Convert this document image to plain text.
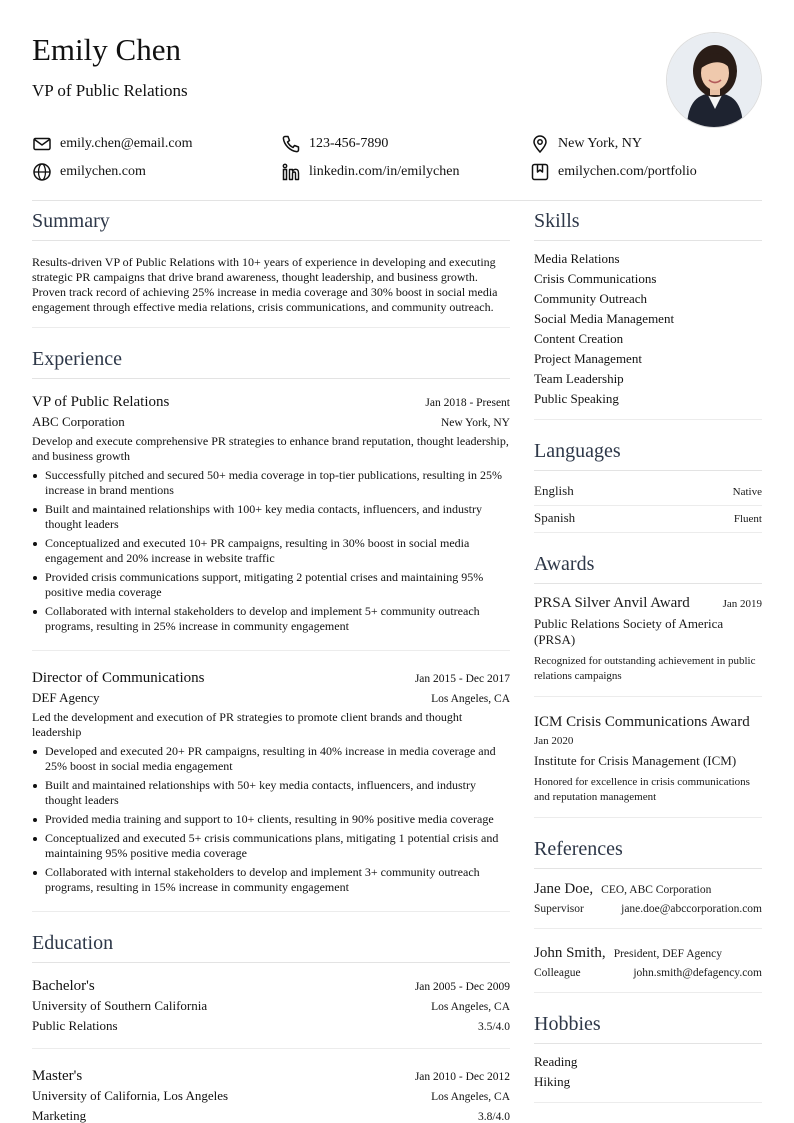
Emily Chen
VP of Public Relations
emily.chen@email.com	123-456-7890	New York, NY
emilychen.com	linkedin.com/in/emilychen	emilychen.com/portfolio
Summary
Results-driven VP of Public Relations with 10+ years of experience in developing and executing strategic PR campaigns that drive brand awareness, thought leadership, and business growth. Proven track record of achieving 25% increase in media coverage and 30% boost in social media engagement through effective media relations, crisis communications, and community outreach.
Experience
VP of Public Relations	Jan 2018 - Present
ABC Corporation	New York, NY
Develop and execute comprehensive PR strategies to enhance brand reputation, thought leadership, and business growth
Successfully pitched and secured 50+ media coverage in top-tier publications, resulting in 25% increase in brand mentions
Built and maintained relationships with 100+ key media contacts, influencers, and industry thought leaders
Conceptualized and executed 10+ PR campaigns, resulting in 30% boost in social media engagement and 20% increase in website traffic
Provided crisis communications support, mitigating 2 potential crises and maintaining 95% positive media coverage
Collaborated with internal stakeholders to develop and implement 5+ community outreach programs, resulting in 25% increase in community engagement
Director of Communications	Jan 2015 - Dec 2017
DEF Agency	Los Angeles, CA
Led the development and execution of PR strategies to promote client brands and thought leadership
Developed and executed 20+ PR campaigns, resulting in 40% increase in media coverage and 25% boost in social media engagement
Built and maintained relationships with 50+ key media contacts, influencers, and industry thought leaders
Provided media training and support to 10+ clients, resulting in 90% positive media coverage
Conceptualized and executed 5+ crisis communications plans, mitigating 1 potential crisis and maintaining 95% positive media coverage
Collaborated with internal stakeholders to develop and implement 3+ community outreach programs, resulting in 15% increase in community engagement
Education
Bachelor's	Jan 2005 - Dec 2009
University of Southern California	Los Angeles, CA
Public Relations	3.5/4.0
Master's	Jan 2010 - Dec 2012
University of California, Los Angeles	Los Angeles, CA
Marketing	3.8/4.0
Skills
Media Relations
Crisis Communications
Community Outreach
Social Media Management
Content Creation
Project Management
Team Leadership
Public Speaking
Languages
English	Native
Spanish	Fluent
Awards
PRSA Silver Anvil Award	Jan 2019
Public Relations Society of America (PRSA)
Recognized for outstanding achievement in public relations campaigns
ICM Crisis Communications Award
Jan 2020
Institute for Crisis Management (ICM)
Honored for excellence in crisis communications and reputation management
References
Jane Doe, CEO, ABC Corporation
Supervisor	jane.doe@abccorporation.com
John Smith, President, DEF Agency
Colleague	john.smith@defagency.com
Hobbies
Reading
Hiking
